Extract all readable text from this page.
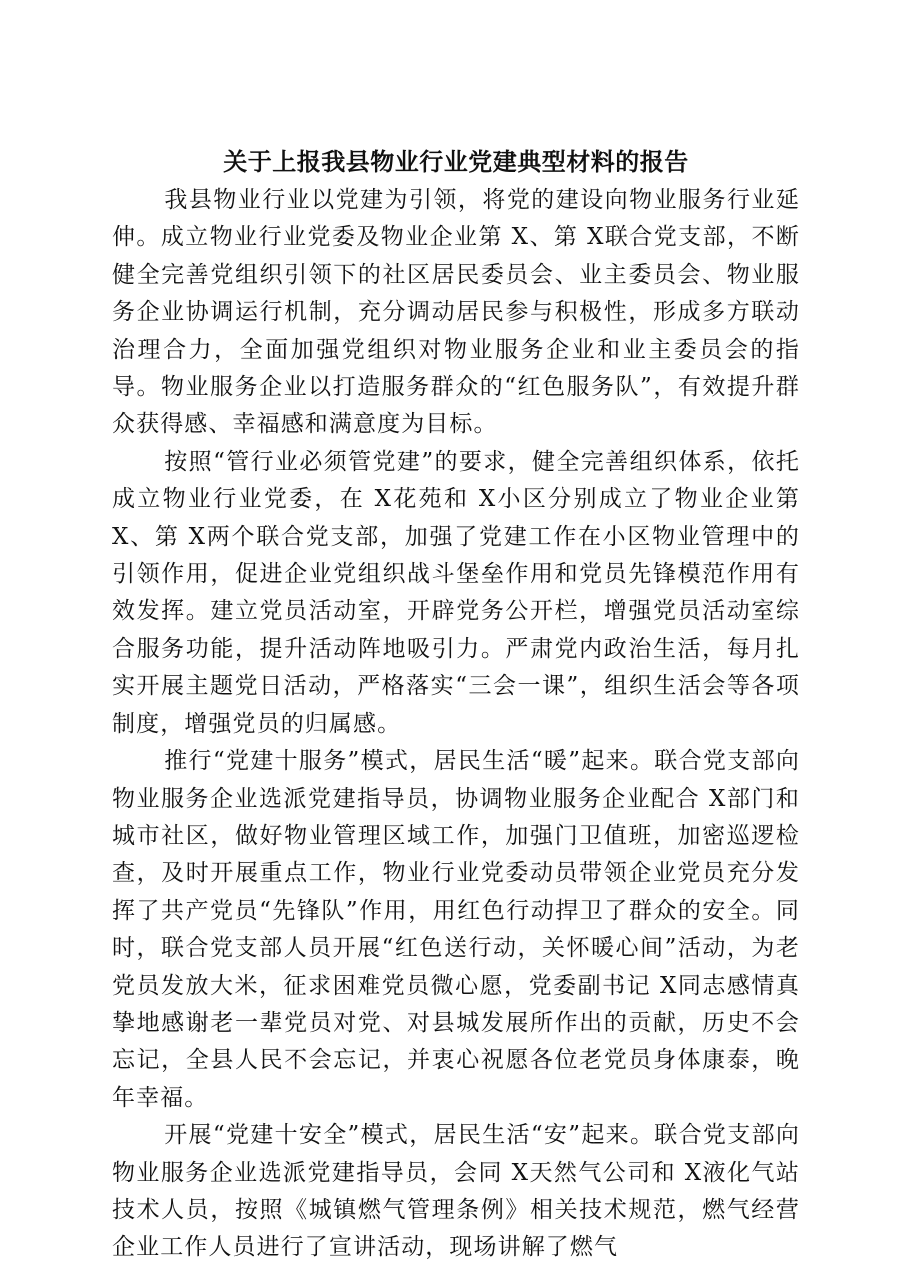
关于上报我县物业行业党建典型材料的报告

我县物业行业以党建为引领，将党的建设向物业服务行业延伸。成立物业行业党委及物业企业第 X、第 X联合党支部，不断健全完善党组织引领下的社区居民委员会、业主委员会、物业服务企业协调运行机制，充分调动居民参与积极性，形成多方联动治理合力，全面加强党组织对物业服务企业和业主委员会的指导。物业服务企业以打造服务群众的“红色服务队”，有效提升群众获得感、幸福感和满意度为目标。

按照“管行业必须管党建”的要求，健全完善组织体系，依托成立物业行业党委，在 X花苑和 X小区分别成立了物业企业第 X、第 X两个联合党支部，加强了党建工作在小区物业管理中的引领作用，促进企业党组织战斗堡垒作用和党员先锋模范作用有效发挥。建立党员活动室，开辟党务公开栏，增强党员活动室综合服务功能，提升活动阵地吸引力。严肃党内政治生活，每月扎实开展主题党日活动，严格落实“三会一课”，组织生活会等各项制度，增强党员的归属感。

推行“党建十服务”模式，居民生活“暖”起来。联合党支部向物业服务企业选派党建指导员，协调物业服务企业配合 X部门和城市社区，做好物业管理区域工作，加强门卫值班，加密巡逻检查，及时开展重点工作，物业行业党委动员带领企业党员充分发挥了共产党员“先锋队”作用，用红色行动捍卫了群众的安全。同时，联合党支部人员开展“红色送行动，关怀暖心间”活动，为老党员发放大米，征求困难党员微心愿，党委副书记 X同志感情真挚地感谢老一辈党员对党、对县城发展所作出的贡献，历史不会忘记，全县人民不会忘记，并衷心祝愿各位老党员身体康泰，晚年幸福。

开展“党建十安全”模式，居民生活“安”起来。联合党支部向物业服务企业选派党建指导员，会同 X天然气公司和 X液化气站技术人员，按照《城镇燃气管理条例》相关技术规范，燃气经营企业工作人员进行了宣讲活动，现场讲解了燃气
